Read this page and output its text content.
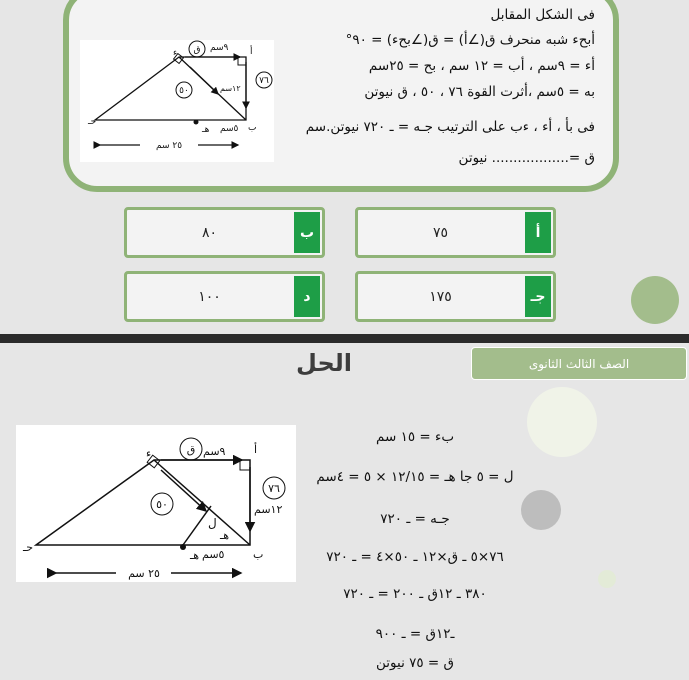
فى الشكل المقابل
أبحء شبه منحرف ق(∠أ) = ق(∠بحء) = ٩٠°
أء = ٩سم ، أب = ١٢ سم ، بح = ٢٥سم
به = ٥سم ،أثرت القوة ٧٦ ، ٥٠ ، ق نيوتن
فى بأ ، أء ، ءب على الترتيب جـه = ـ ٧٢٠ نيوتن.سم
ق =.................. نيوتن
ق
٧٦
٥٠
ء	أ
ب
حـ
هـ
٩سم
١٢سم
٥سم
٢٥ سم
ب
٨٠	أ
٧٥
د
١٠٠	جـ
١٧٥
الصف الثالث الثانوى
الحل
ق
٧٦
٥٠
ء	أ
ب
حـ
هـ
ل
هـ
٩سم
١٢سم
٥سم
٢٥ سم
بء = ١٥ سم
ل = ٥ جا هـ = ١٢/١٥ × ٥ = ٤سم
جـه = ـ ٧٢٠
٧٦×٥ ـ ق×١٢ ـ ٥٠×٤ = ـ ٧٢٠
٣٨٠ ـ ١٢ق ـ ٢٠٠ = ـ ٧٢٠
ـ١٢ق = ـ ٩٠٠
ق = ٧٥ نيوتن
